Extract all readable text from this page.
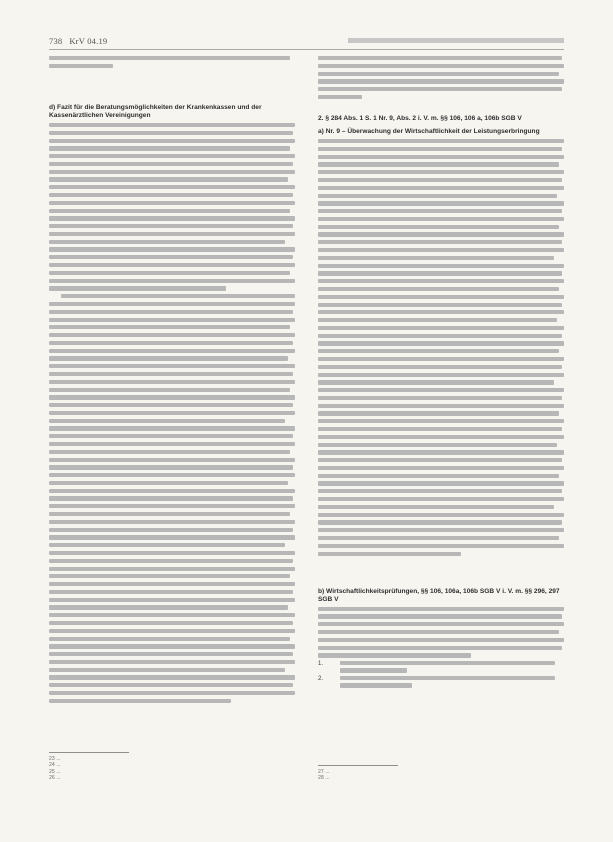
738 KrV 04.19
d) Fazit für die Beratungsmöglichkeiten der Krankenkassen und der Kassenärztlichen Vereinigungen	2. § 284 Abs. 1 S. 1 Nr. 9, Abs. 2 i. V. m. §§ 106, 106 a, 106b SGB V
a) Nr. 9 – Überwachung der Wirtschaftlichkeit der Leistungserbringung
b) Wirtschaftlichkeitsprüfungen, §§ 106, 106a, 106b SGB V i. V. m. §§ 296, 297 SGB V
1.
2.
23 ...
24 ...
25 ...
26 ...
27 ...
28 ...
